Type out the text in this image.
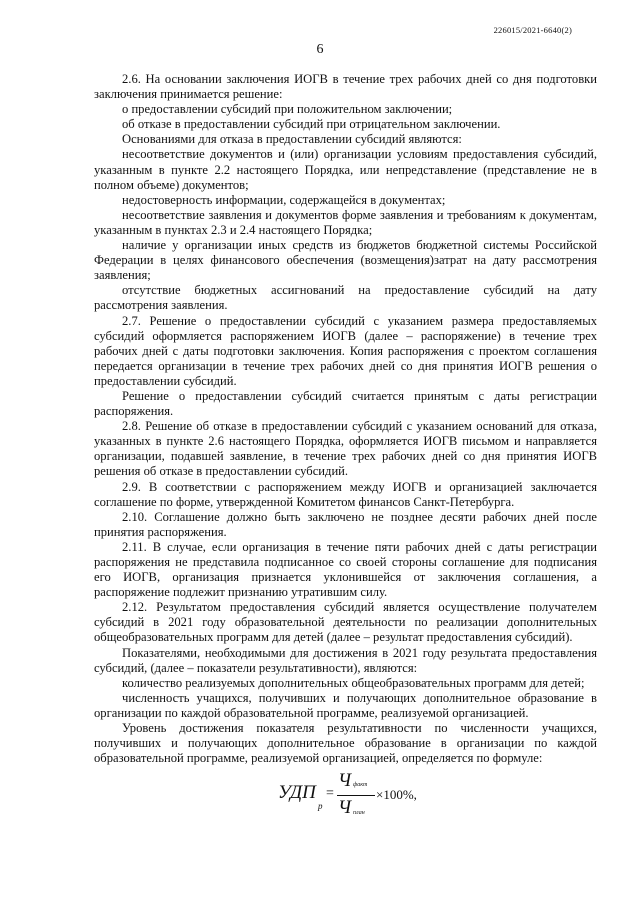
226015/2021-6640(2)
6

2.6. На основании заключения ИОГВ в течение трех рабочих дней со дня подготовки заключения принимается решение:

о предоставлении субсидий при положительном заключении;

об отказе в предоставлении субсидий при отрицательном заключении.

Основаниями для отказа в предоставлении субсидий являются:

несоответствие документов и (или) организации условиям предоставления субсидий, указанным в пункте 2.2 настоящего Порядка, или непредставление (представление не в полном объеме) документов;

недостоверность информации, содержащейся в документах;

несоответствие заявления и документов форме заявления и требованиям к документам, указанным в пунктах 2.3 и 2.4 настоящего Порядка;

наличие у организации иных средств из бюджетов бюджетной системы Российской Федерации в целях финансового обеспечения (возмещения)затрат на дату рассмотрения заявления;

отсутствие бюджетных ассигнований на предоставление субсидий на дату рассмотрения заявления.

2.7. Решение о предоставлении субсидий с указанием размера предоставляемых субсидий оформляется распоряжением ИОГВ (далее – распоряжение) в течение трех рабочих дней с даты подготовки заключения. Копия распоряжения с проектом соглашения передается организации в течение трех рабочих дней со дня принятия ИОГВ решения о предоставлении субсидий.

Решение о предоставлении субсидий считается принятым с даты регистрации распоряжения.

2.8. Решение об отказе в предоставлении субсидий с указанием оснований для отказа, указанных в пункте 2.6 настоящего Порядка, оформляется ИОГВ письмом и направляется организации, подавшей заявление, в течение трех рабочих дней со дня принятия ИОГВ решения об отказе в предоставлении субсидий.

2.9. В соответствии с распоряжением между ИОГВ и организацией заключается соглашение по форме, утвержденной Комитетом финансов Санкт-Петербурга.

2.10. Соглашение должно быть заключено не позднее десяти рабочих дней после принятия распоряжения.

2.11. В случае, если организация в течение пяти рабочих дней с даты регистрации распоряжения не представила подписанное со своей стороны соглашение для подписания его ИОГВ, организация признается уклонившейся от заключения соглашения, а распоряжение подлежит признанию утратившим силу.

2.12. Результатом предоставления субсидий является осуществление получателем субсидий в 2021 году образовательной деятельности по реализации дополнительных общеобразовательных программ для детей (далее – результат предоставления субсидий).

Показателями, необходимыми для достижения в 2021 году результата предоставления субсидий, (далее – показатели результативности), являются:

количество реализуемых дополнительных общеобразовательных программ для детей;

численность учащихся, получивших и получающих дополнительное образование в организации по каждой образовательной программе, реализуемой организацией.

Уровень достижения показателя результативности по численности учащихся, получивших и получающих дополнительное образование в организации по каждой образовательной программе, реализуемой организацией, определяется по формуле:

УДП
р
=
Ч факт
Ч план
×100%,
